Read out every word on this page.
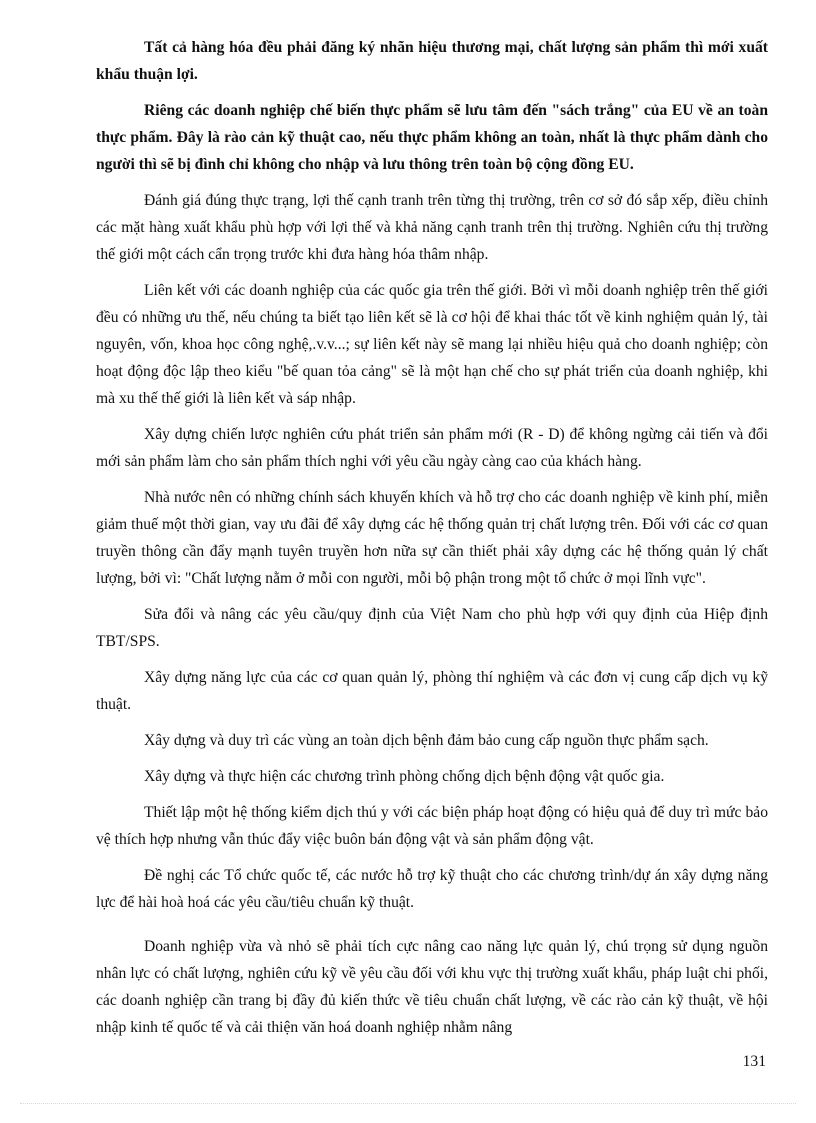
Tất cả hàng hóa đều phải đăng ký nhãn hiệu thương mại, chất lượng sản phẩm thì mới xuất khẩu thuận lợi.

Riêng các doanh nghiệp chế biến thực phẩm sẽ lưu tâm đến "sách trắng" của EU về an toàn thực phẩm. Đây là rào cản kỹ thuật cao, nếu thực phẩm không an toàn, nhất là thực phẩm dành cho người thì sẽ bị đình chỉ không cho nhập và lưu thông trên toàn bộ cộng đồng EU.

Đánh giá đúng thực trạng, lợi thế cạnh tranh trên từng thị trường, trên cơ sở đó sắp xếp, điều chỉnh các mặt hàng xuất khẩu phù hợp với lợi thế và khả năng cạnh tranh trên thị trường. Nghiên cứu thị trường thế giới một cách cẩn trọng trước khi đưa hàng hóa thâm nhập.

Liên kết với các doanh nghiệp của các quốc gia trên thế giới. Bởi vì mỗi doanh nghiệp trên thế giới đều có những ưu thế, nếu chúng ta biết tạo liên kết sẽ là cơ hội để khai thác tốt về kinh nghiệm quản lý, tài nguyên, vốn, khoa học công nghệ,.v.v...; sự liên kết này sẽ mang lại nhiều hiệu quả cho doanh nghiệp; còn hoạt động độc lập theo kiểu "bế quan tỏa cảng" sẽ là một hạn chế cho sự phát triển của doanh nghiệp, khi mà xu thế thế giới là liên kết và sáp nhập.

Xây dựng chiến lược nghiên cứu phát triển sản phẩm mới (R - D) để không ngừng cải tiến và đổi mới sản phẩm làm cho sản phẩm thích nghi với yêu cầu ngày càng cao của khách hàng.

Nhà nước nên có những chính sách khuyến khích và hỗ trợ cho các doanh nghiệp về kinh phí, miễn giảm thuế một thời gian, vay ưu đãi để xây dựng các hệ thống quản trị chất lượng trên. Đối với các cơ quan truyền thông cần đẩy mạnh tuyên truyền hơn nữa sự cần thiết phải xây dựng các hệ thống quản lý chất lượng, bởi vì: "Chất lượng nằm ở mỗi con người, mỗi bộ phận trong một tổ chức ở mọi lĩnh vực".

Sửa đổi và nâng các yêu cầu/quy định của Việt Nam cho phù hợp với quy định của Hiệp định TBT/SPS.

Xây dựng năng lực của các cơ quan quản lý, phòng thí nghiệm và các đơn vị cung cấp dịch vụ kỹ thuật.

Xây dựng và duy trì các vùng an toàn dịch bệnh đảm bảo cung cấp nguồn thực phẩm sạch.

Xây dựng và thực hiện các chương trình phòng chống dịch bệnh động vật quốc gia.

Thiết lập một hệ thống kiểm dịch thú y với các biện pháp hoạt động có hiệu quả để duy trì mức bảo vệ thích hợp nhưng vẫn thúc đẩy việc buôn bán động vật và sản phẩm động vật.

Đề nghị các Tổ chức quốc tế, các nước hỗ trợ kỹ thuật cho các chương trình/dự án xây dựng năng lực để hài hoà hoá các yêu cầu/tiêu chuẩn kỹ thuật.

Doanh nghiệp vừa và nhỏ sẽ phải tích cực nâng cao năng lực quản lý, chú trọng sử dụng nguồn nhân lực có chất lượng, nghiên cứu kỹ về yêu cầu đối với khu vực thị trường xuất khẩu, pháp luật chi phối, các doanh nghiệp cần trang bị đầy đủ kiến thức về tiêu chuẩn chất lượng, về các rào cản kỹ thuật, về hội nhập kinh tế quốc tế và cải thiện văn hoá doanh nghiệp nhằm nâng

131
